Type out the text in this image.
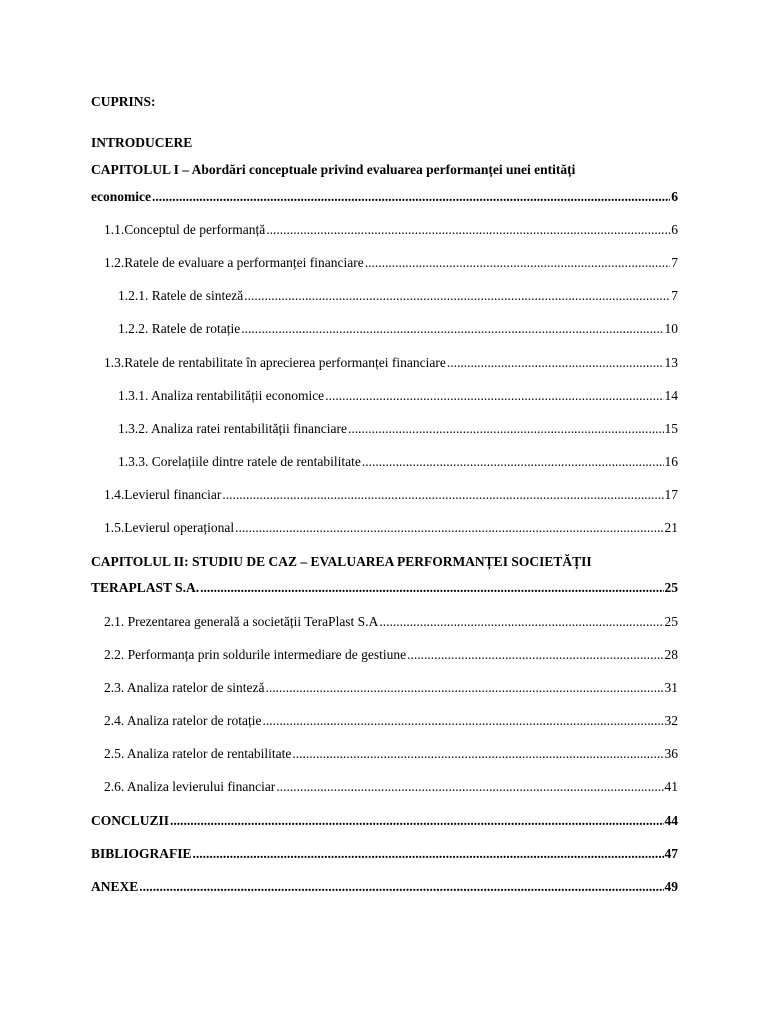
CUPRINS:
INTRODUCERE
CAPITOLUL I – Abordări conceptuale privind evaluarea performanței unei entități
economice .....	6
1.1. Conceptul de performanță .....	6
1.2. Ratele de evaluare a performanței financiare .....	7
1.2.1. Ratele de sinteză .....	7
1.2.2. Ratele de rotație .....	10
1.3. Ratele de rentabilitate în aprecierea performanței financiare .....	13
1.3.1. Analiza rentabilității economice .....	14
1.3.2. Analiza ratei rentabilității financiare .....	15
1.3.3. Corelațiile dintre ratele de rentabilitate .....	16
1.4. Levierul financiar .....	17
1.5. Levierul operațional .....	21
CAPITOLUL II: STUDIU DE CAZ – EVALUAREA PERFORMANȚEI SOCIETĂȚII
TERAPLAST S.A. .....	25
2.1. Prezentarea generală a societății TeraPlast S.A .....	25
2.2. Performanța prin soldurile intermediare de gestiune .....	28
2.3. Analiza ratelor de sinteză .....	31
2.4. Analiza ratelor de rotație .....	32
2.5. Analiza ratelor de rentabilitate .....	36
2.6. Analiza levierului financiar .....	41
CONCLUZII .....	44
BIBLIOGRAFIE .....	47
ANEXE .....	49
